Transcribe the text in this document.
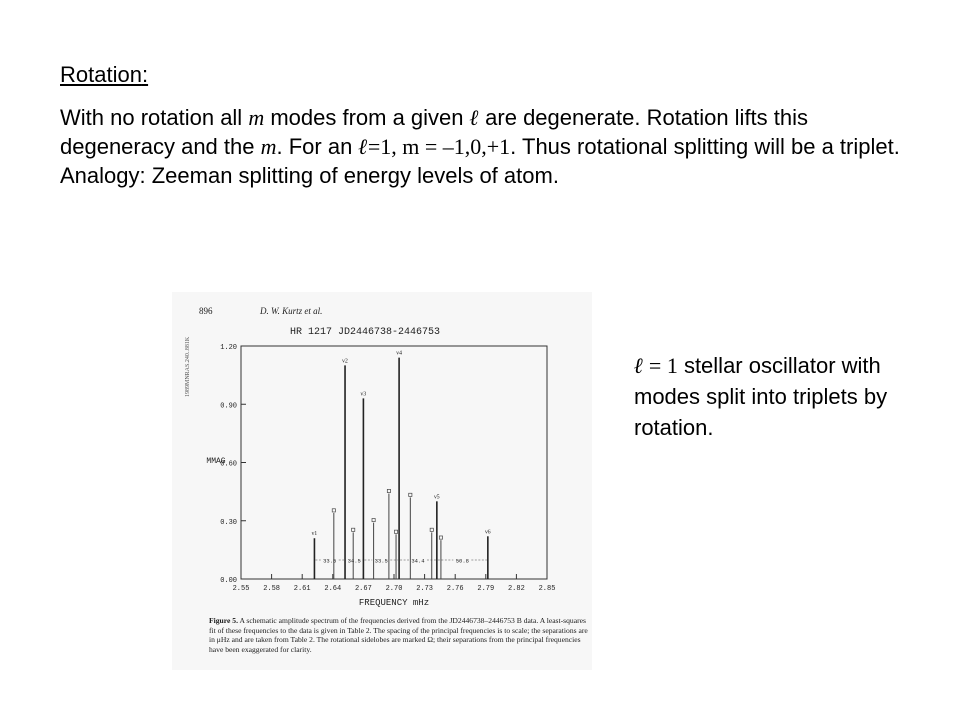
Rotation:
With no rotation all m modes from a given ℓ are degenerate. Rotation lifts this degeneracy and the m. For an ℓ=1, m = –1,0,+1. Thus rotational splitting will be a triplet. Analogy: Zeeman splitting of energy levels of atom.
896	D. W. Kurtz et al.
1989MNRAS.240..881K
HR 1217 JD2446738-2446753
0.00
0.30
0.60
0.90
1.20
MMAG
2.55 2.58 2.61 2.64 2.67 2.70 2.73 2.76 2.79 2.82 2.85
FREQUENCY mHz
ν1
ν2
ν3
ν4
ν5
ν6
33.5 34.5	33.5	34.4	50.8
Figure 5. A schematic amplitude spectrum of the frequencies derived from the JD2446738–2446753 B data. A least-squares fit of these frequencies to the data is given in Table 2. The spacing of the principal frequencies is to scale; the separations are in μHz and are taken from Table 2. The rotational sidelobes are marked Ω; their separations from the principal frequencies have been exaggerated for clarity.
ℓ = 1 stellar oscillator with modes split into triplets by rotation.
